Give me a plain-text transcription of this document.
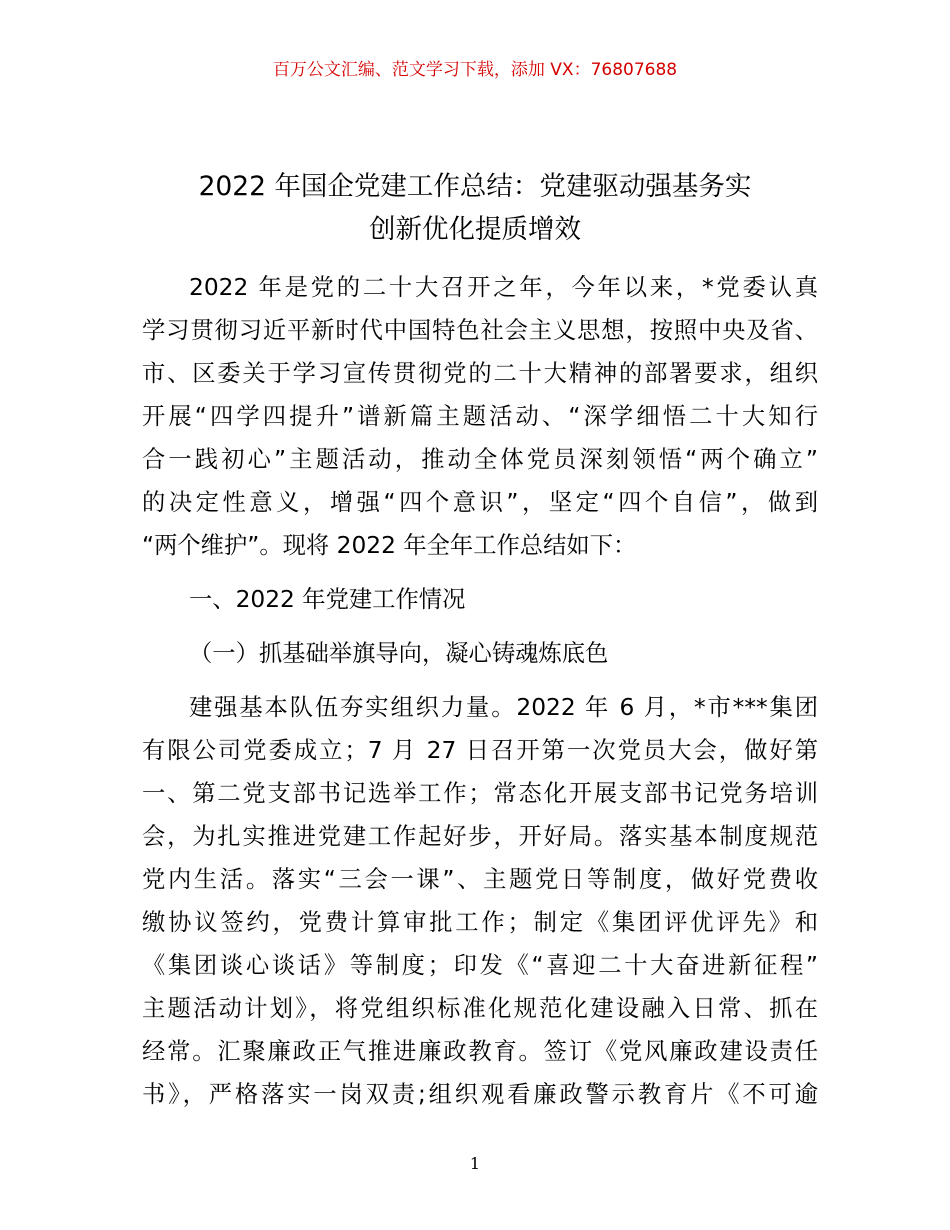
百万公文汇编、范文学习下载，添加 VX：76807688
2022 年国企党建工作总结：党建驱动强基务实
创新优化提质增效
2022 年是党的二十大召开之年，今年以来，*党委认真
学习贯彻习近平新时代中国特色社会主义思想，按照中央及省、
市、区委关于学习宣传贯彻党的二十大精神的部署要求，组织
开展“四学四提升”谱新篇主题活动、“深学细悟二十大知行
合一践初心”主题活动，推动全体党员深刻领悟“两个确立”
的决定性意义，增强“四个意识”，坚定“四个自信”，做到
“两个维护”。现将 2022 年全年工作总结如下：
一、2022 年党建工作情况
（一）抓基础举旗导向，凝心铸魂炼底色
建强基本队伍夯实组织力量。2022 年 6 月，*市***集团
有限公司党委成立；7 月 27 日召开第一次党员大会，做好第
一、第二党支部书记选举工作；常态化开展支部书记党务培训
会，为扎实推进党建工作起好步，开好局。落实基本制度规范
党内生活。落实“三会一课”、主题党日等制度，做好党费收
缴协议签约，党费计算审批工作；制定《集团评优评先》和
《集团谈心谈话》等制度；印发《“喜迎二十大奋进新征程”
主题活动计划》，将党组织标准化规范化建设融入日常、抓在
经常。汇聚廉政正气推进廉政教育。签订《党风廉政建设责任
书》，严格落实一岗双责;组织观看廉政警示教育片《不可逾
1
